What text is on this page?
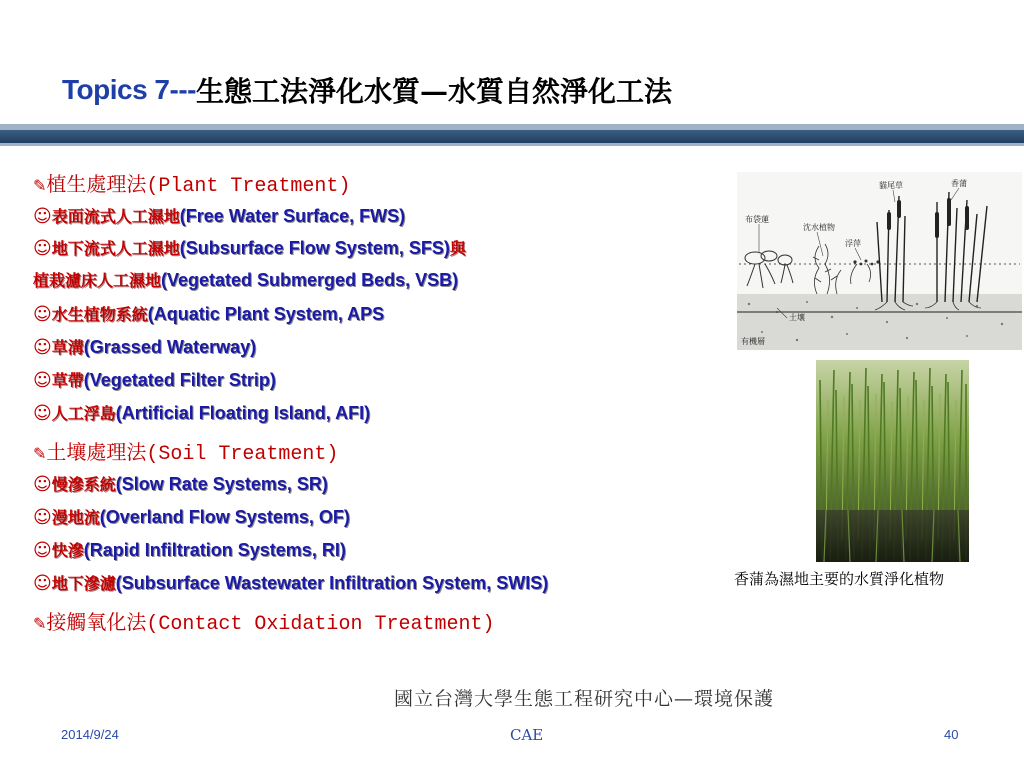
Topics 7--- 生態工法淨化水質—水質自然淨化工法
✎植生處理法(Plant Treatment)
☺表面流式人工濕地(Free Water Surface, FWS)
☺地下流式人工濕地(Subsurface Flow System, SFS)與
植栽濾床人工濕地(Vegetated Submerged Beds, VSB)
☺水生植物系統(Aquatic Plant System, APS
☺草溝(Grassed Waterway)
☺草帶(Vegetated Filter Strip)
☺人工浮島(Artificial Floating Island, AFI)
✎土壤處理法(Soil Treatment)
☺慢滲系統(Slow Rate Systems, SR)
☺漫地流(Overland Flow Systems, OF)
☺快滲(Rapid Infiltration Systems, RI)
☺地下滲濾(Subsurface Wastewater Infiltration System, SWIS)
✎接觸氧化法(Contact Oxidation Treatment)
布袋蓮
沈水植物
貓尾草	香蒲
浮萍
土壤
有機層
香蒲為濕地主要的水質淨化植物
國立台灣大學生態工程研究中心—環境保護
2014/9/24	CAE	40
